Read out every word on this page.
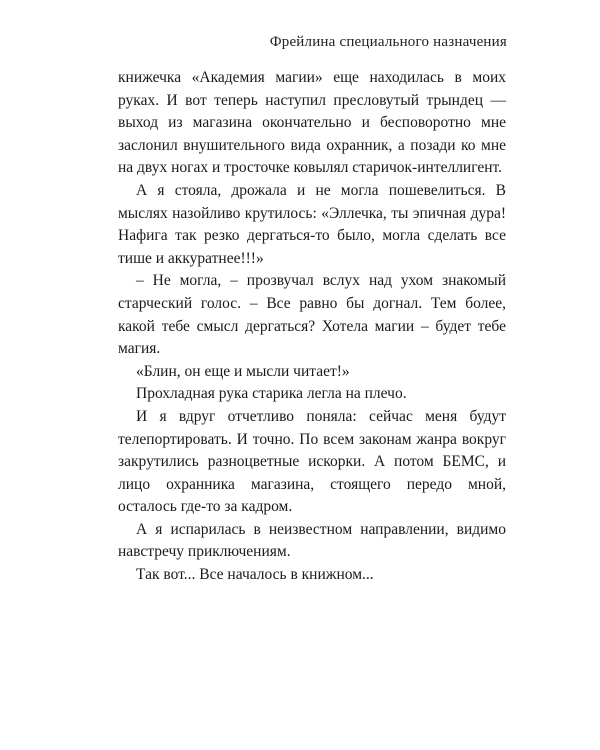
Фрейлина специального назначения

книжечка «Академия магии» еще находилась в моих руках. И вот теперь наступил пресловутый трындец — выход из магазина окончательно и бесповоротно мне заслонил внушительного вида охранник, а позади ко мне на двух ногах и тросточке ковылял старичок-интеллигент.

А я стояла, дрожала и не могла пошевелиться. В мыслях назойливо крутилось: «Эллечка, ты эпичная дура! Нафига так резко дергаться-то было, могла сделать все тише и аккуратнее!!!»

– Не могла, – прозвучал вслух над ухом знакомый старческий голос. – Все равно бы догнал. Тем более, какой тебе смысл дергаться? Хотела магии – будет тебе магия.

«Блин, он еще и мысли читает!»

Прохладная рука старика легла на плечо.

И я вдруг отчетливо поняла: сейчас меня будут телепортировать. И точно. По всем законам жанра вокруг закрутились разноцветные искорки. А потом БЕМС, и лицо охранника магазина, стоящего передо мной, осталось где-то за кадром.

А я испарилась в неизвестном направлении, видимо навстречу приключениям.

Так вот... Все началось в книжном...
